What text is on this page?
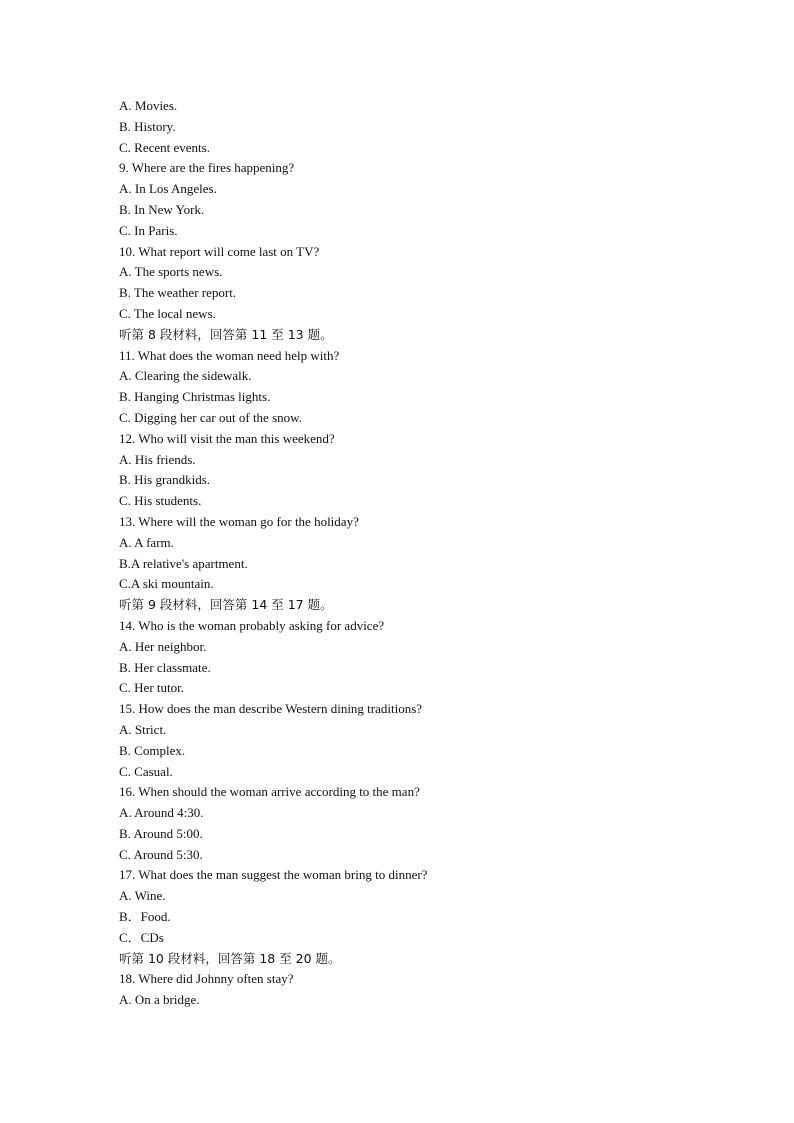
A. Movies.
B. History.
C. Recent events.
9. Where are the fires happening?
A. In Los Angeles.
B. In New York.
C. In Paris.
10. What report will come last on TV?
A. The sports news.
B. The weather report.
C. The local news.
听第 8 段材料，回答第 11 至 13 题。
11. What does the woman need help with?
A. Clearing the sidewalk.
B. Hanging Christmas lights.
C. Digging her car out of the snow.
12. Who will visit the man this weekend?
A. His friends.
B. His grandkids.
C. His students.
13. Where will the woman go for the holiday?
A. A farm.
B.A relative's apartment.
C.A ski mountain.
听第 9 段材料，回答第 14 至 17 题。
14. Who is the woman probably asking for advice?
A. Her neighbor.
B. Her classmate.
C. Her tutor.
15. How does the man describe Western dining traditions?
A. Strict.
B. Complex.
C. Casual.
16. When should the woman arrive according to the man?
A. Around 4:30.
B. Around 5:00.
C. Around 5:30.
17. What does the man suggest the woman bring to dinner?
A. Wine.
B．Food.
C．CDs
听第 10 段材料，回答第 18 至 20 题。
18. Where did Johnny often stay?
A. On a bridge.
